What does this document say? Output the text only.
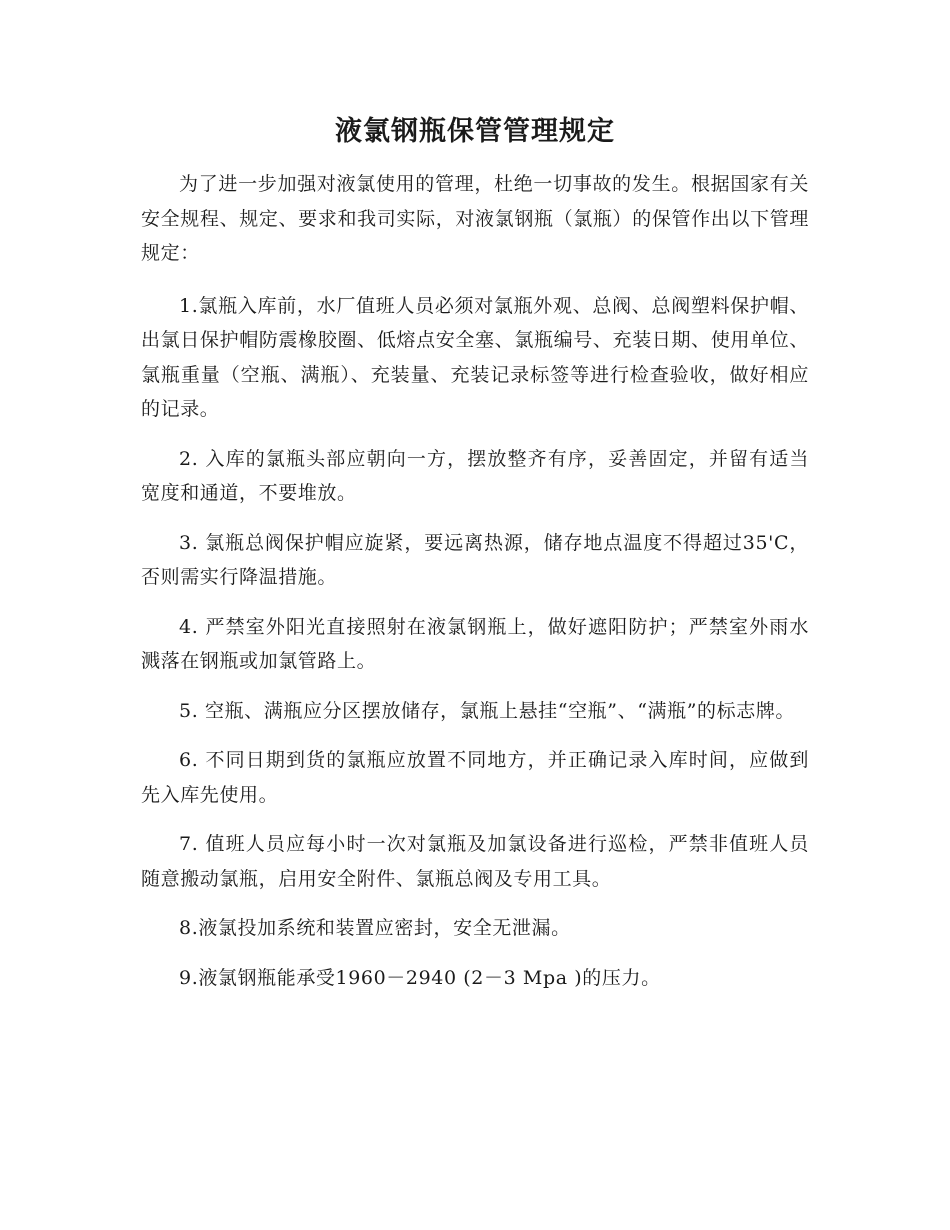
液氯钢瓶保管管理规定

为了进一步加强对液氯使用的管理，杜绝一切事故的发生。根据国家有关安全规程、规定、要求和我司实际，对液氯钢瓶（氯瓶）的保管作出以下管理规定：

1.氯瓶入库前，水厂值班人员必须对氯瓶外观、总阀、总阀塑料保护帽、出氯日保护帽防震橡胶圈、低熔点安全塞、氯瓶编号、充装日期、使用单位、氯瓶重量（空瓶、满瓶）、充装量、充装记录标签等进行检查验收，做好相应的记录。

2. 入库的氯瓶头部应朝向一方，摆放整齐有序，妥善固定，并留有适当宽度和通道，不要堆放。

3. 氯瓶总阀保护帽应旋紧，要远离热源，储存地点温度不得超过35'C，否则需实行降温措施。

4. 严禁室外阳光直接照射在液氯钢瓶上，做好遮阳防护；严禁室外雨水溅落在钢瓶或加氯管路上。

5. 空瓶、满瓶应分区摆放储存，氯瓶上悬挂“空瓶”、“满瓶”的标志牌。

6. 不同日期到货的氯瓶应放置不同地方，并正确记录入库时间，应做到先入库先使用。

7. 值班人员应每小时一次对氯瓶及加氯设备进行巡检，严禁非值班人员随意搬动氯瓶，启用安全附件、氯瓶总阀及专用工具。

8.液氯投加系统和装置应密封，安全无泄漏。

9.液氯钢瓶能承受1960－2940 (2－3 Mpa )的压力。
